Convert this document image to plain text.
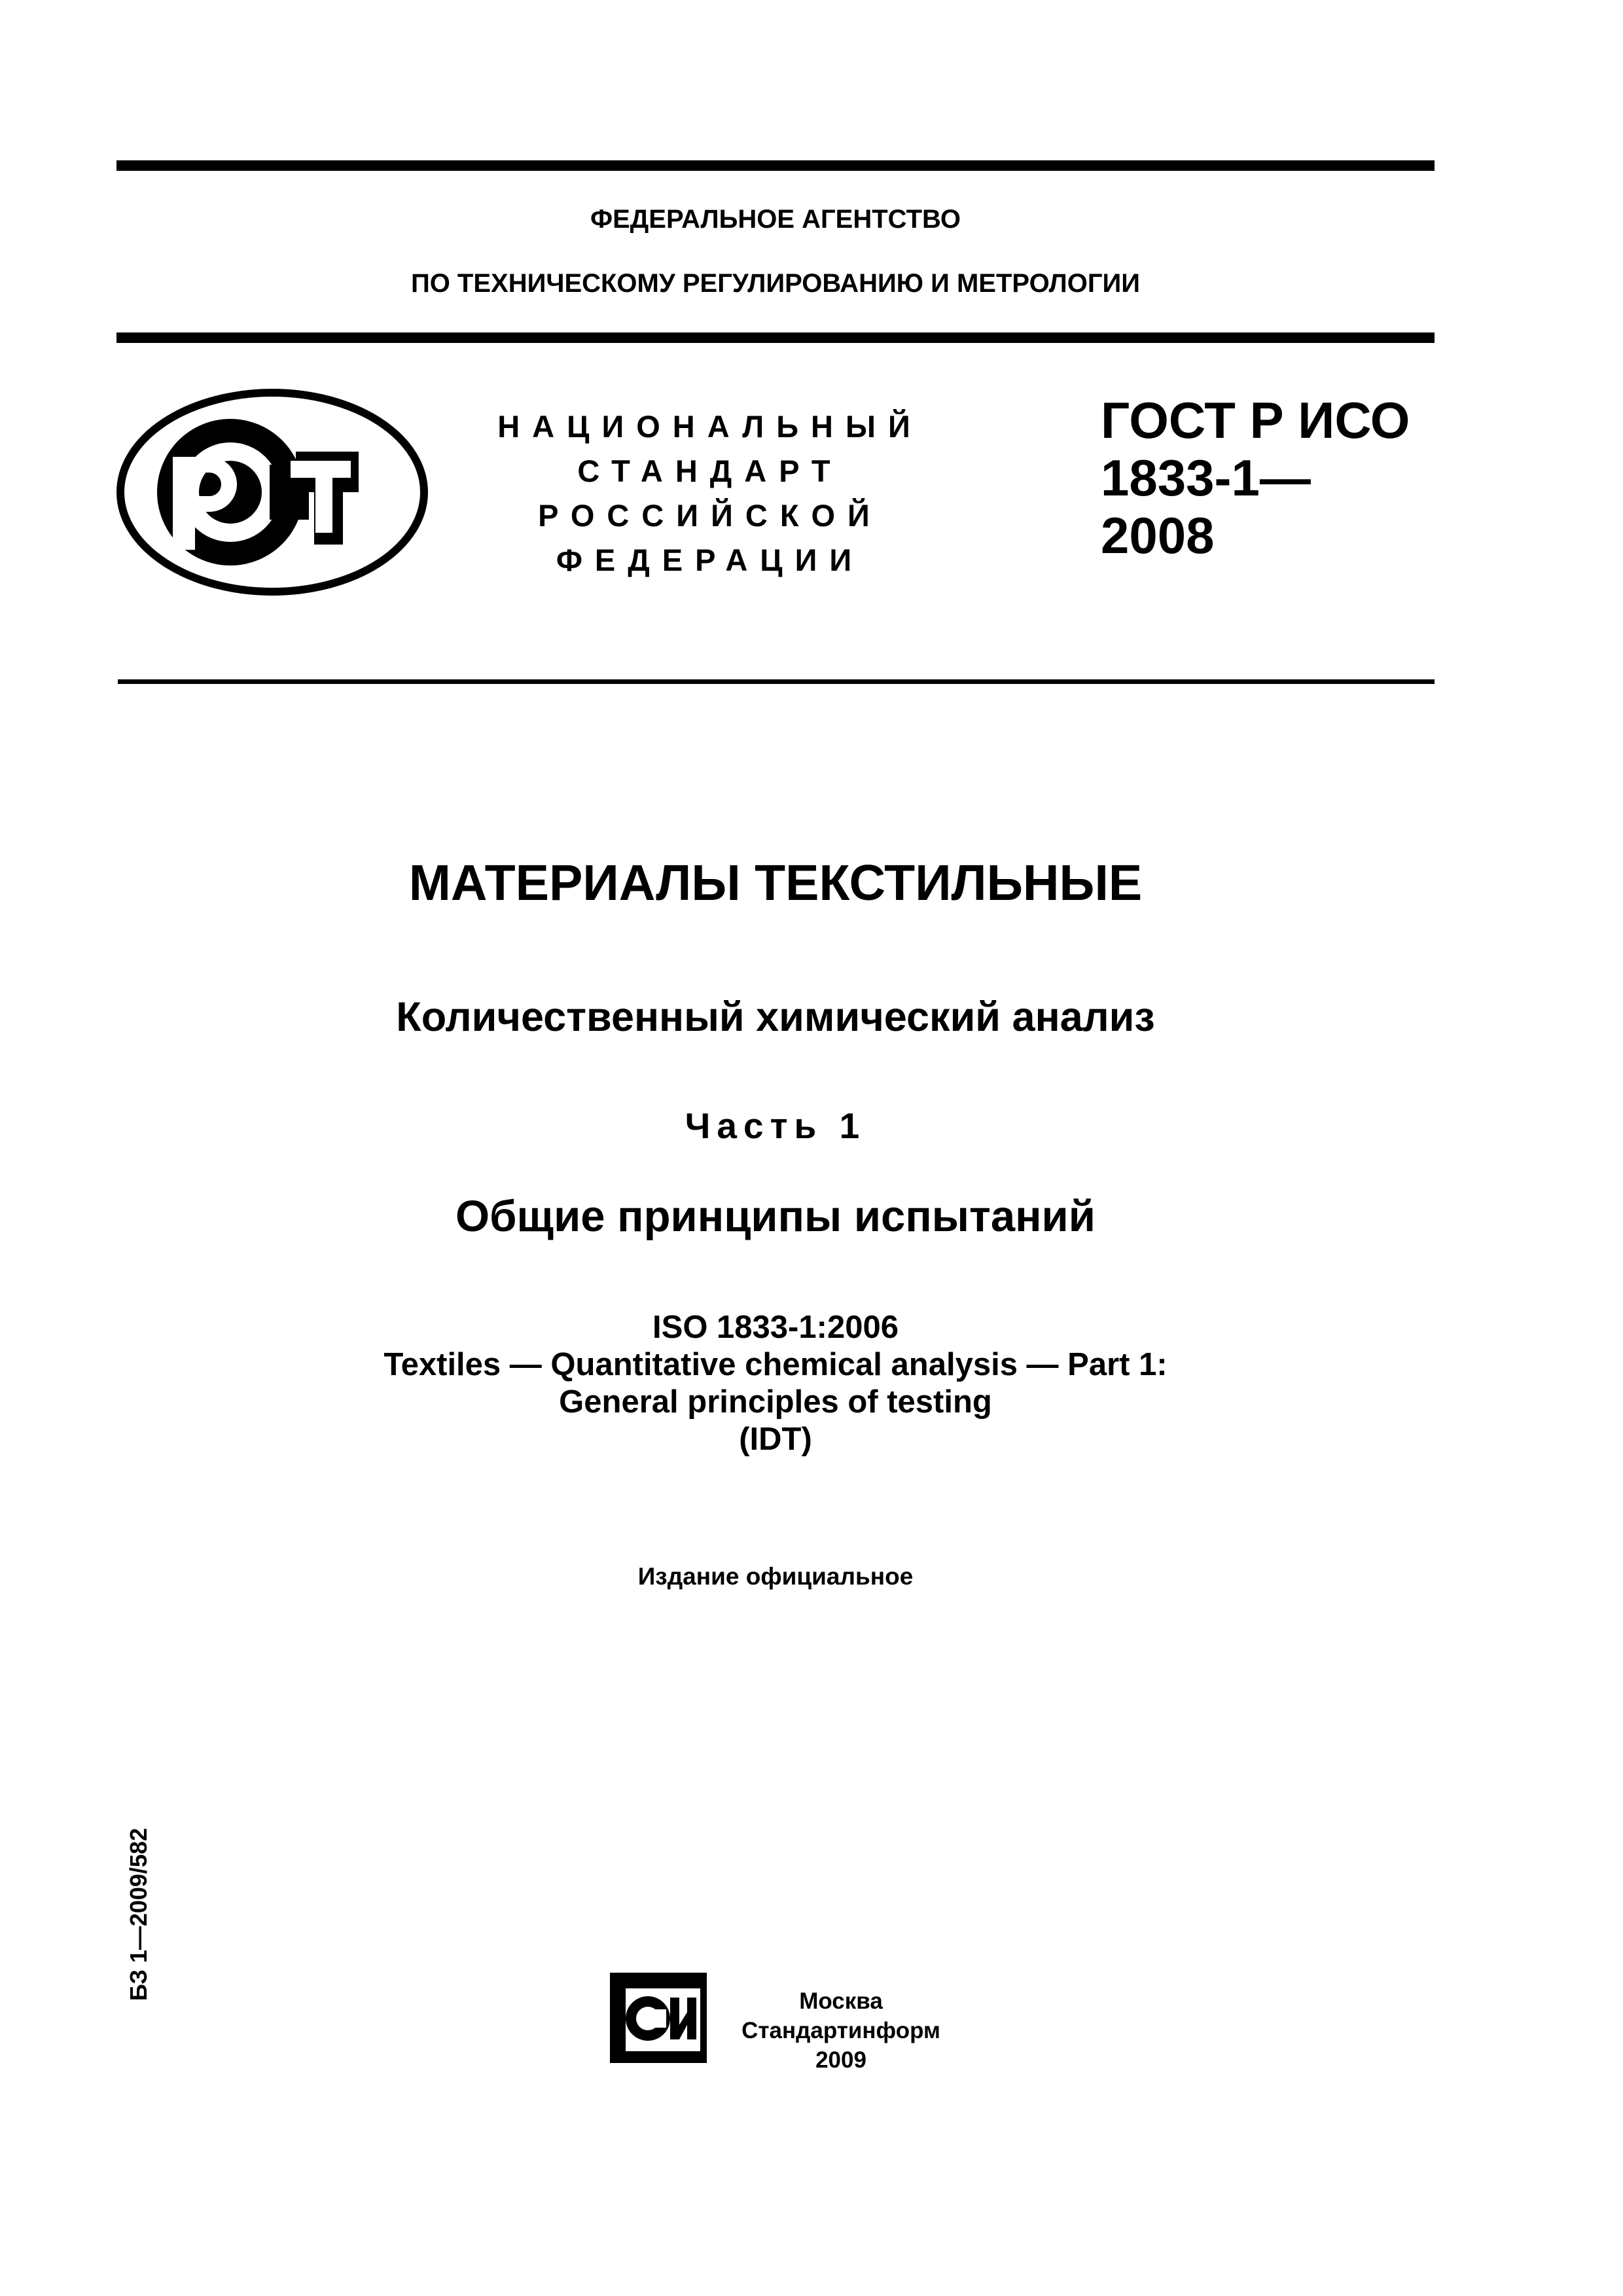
ФЕДЕРАЛЬНОЕ АГЕНТСТВО
ПО ТЕХНИЧЕСКОМУ РЕГУЛИРОВАНИЮ И МЕТРОЛОГИИ
НАЦИОНАЛЬНЫЙ
СТАНДАРТ
РОССИЙСКОЙ
ФЕДЕРАЦИИ
ГОСТ Р ИСО
1833-1—
2008
МАТЕРИАЛЫ ТЕКСТИЛЬНЫЕ
Количественный химический анализ
Часть 1
Общие принципы испытаний
ISO 1833-1:2006
Textiles — Quantitative chemical analysis — Part 1:
General principles of testing
(IDT)
Издание официальное
БЗ 1—2009/582
Москва
Стандартинформ
2009
